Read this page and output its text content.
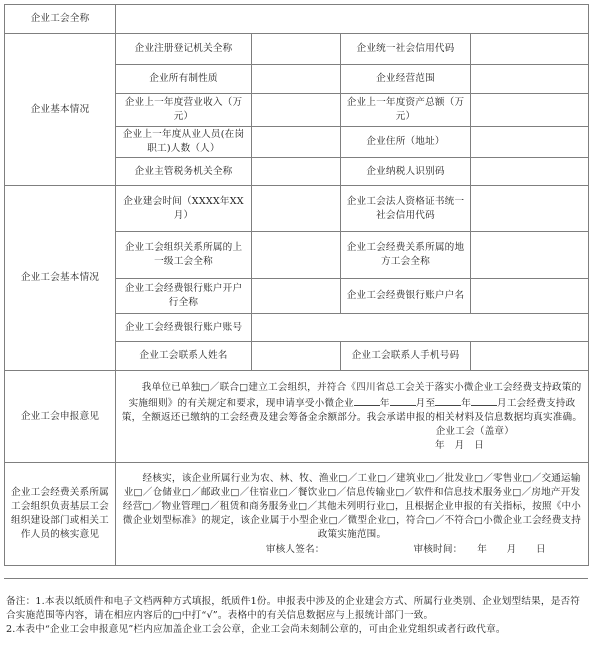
企业工会全称				
企业基本情况	企业注册登记机关全称		企业统一社会信用代码	
	企业所有制性质		企业经营范围	
	企业上一年度营业收入（万元）		企业上一年度资产总额（万元）	
	企业上一年度从业人员(在岗职工)人数（人）		企业住所（地址）	
	企业主管税务机关全称		企业纳税人识别码	
企业工会基本情况	企业建会时间（XXXX年XX月）		企业工会法人资格证书统一社会信用代码	
	企业工会组织关系所属的上一级工会全称		企业工会经费关系所属的地方工会全称	
	企业工会经费银行账户开户行全称		企业工会经费银行账户户名	
	企业工会经费银行账户账号			
	企业工会联系人姓名		企业工会联系人手机号码	
企业工会申报意见	我单位已单独□／联合□建立工会组织，并符合《四川省总工会关于落实小微企业工会经费支持政策的实施细则》的有关规定和要求，现申请享受小微企业 年 月至 年 月工会经费支持政策，全额返还已缴纳的工会经费及建会筹备金余额部分。我会承诺申报的相关材料及信息数据均真实准确。

企业工会（盖章）
年　月　日			

企业工会经费关系所属工会组织负责基层工会组织建设部门或相关工作人员的核实意见	经核实，该企业所属行业为农、林、牧、渔业□／工业□／建筑业□／批发业□／零售业□／交通运输业□／仓储业□／邮政业□／住宿业□／餐饮业□／信息传输业□／软件和信息技术服务业□／房地产开发经营□／物业管理□／租赁和商务服务业□／其他未列明行业□，且根据企业申报的有关指标，按照《中小微企业划型标准》的规定，该企业属于小型企业□／微型企业□，符合□／不符合□小微企业工会经费支持政策实施范围。

审核人签名： 审核时间：　　年　　月　　日			
备注：1.本表以纸质件和电子文档两种方式填报，纸质件1份。申报表中涉及的企业建会方式、所属行业类别、企业划型结果，是否符合实施范围等内容，请在相应内容后的□中打“√”。表格中的有关信息数据应与上报统计部门一致。
2.本表中“企业工会申报意见”栏内应加盖企业工会公章，企业工会尚未刻制公章的，可由企业党组织或者行政代章。
